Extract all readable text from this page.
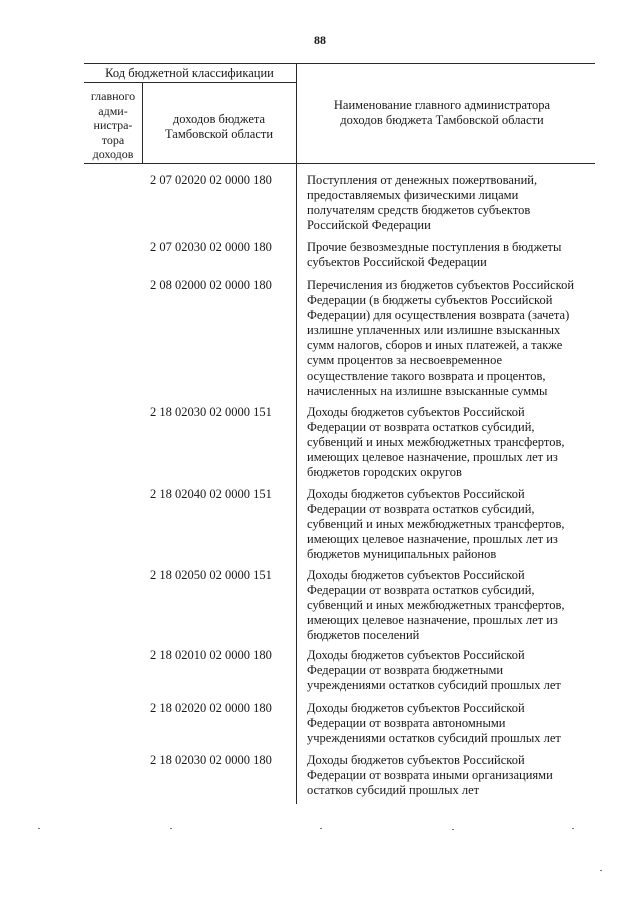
88
Код бюджетной классификации
главного
адми-
нистра-
тора
доходов
доходов бюджета
Тамбовской области
Наименование главного администратора
доходов бюджета Тамбовской области
2 07 02020 02 0000 180	Поступления от денежных пожертвований,
предоставляемых физическими лицами
получателям средств бюджетов субъектов
Российской Федерации
2 07 02030 02 0000 180	Прочие безвозмездные поступления в бюджеты
субъектов Российской Федерации
2 08 02000 02 0000 180	Перечисления из бюджетов субъектов Российской
Федерации (в бюджеты субъектов Российской
Федерации) для осуществления возврата (зачета)
излишне уплаченных или излишне взысканных
сумм налогов, сборов и иных платежей, а также
сумм процентов за несвоевременное
осуществление такого возврата и процентов,
начисленных на излишне взысканные суммы
2 18 02030 02 0000 151	Доходы бюджетов субъектов Российской
Федерации от возврата остатков субсидий,
субвенций и иных межбюджетных трансфертов,
имеющих целевое назначение, прошлых лет из
бюджетов городских округов
2 18 02040 02 0000 151	Доходы бюджетов субъектов Российской
Федерации от возврата остатков субсидий,
субвенций и иных межбюджетных трансфертов,
имеющих целевое назначение, прошлых лет из
бюджетов муниципальных районов
2 18 02050 02 0000 151	Доходы бюджетов субъектов Российской
Федерации от возврата остатков субсидий,
субвенций и иных межбюджетных трансфертов,
имеющих целевое назначение, прошлых лет из
бюджетов поселений
2 18 02010 02 0000 180	Доходы бюджетов субъектов Российской
Федерации от возврата бюджетными
учреждениями остатков субсидий прошлых лет
2 18 02020 02 0000 180	Доходы бюджетов субъектов Российской
Федерации от возврата автономными
учреждениями остатков субсидий прошлых лет
2 18 02030 02 0000 180	Доходы бюджетов субъектов Российской
Федерации от возврата иными организациями
остатков субсидий прошлых лет
